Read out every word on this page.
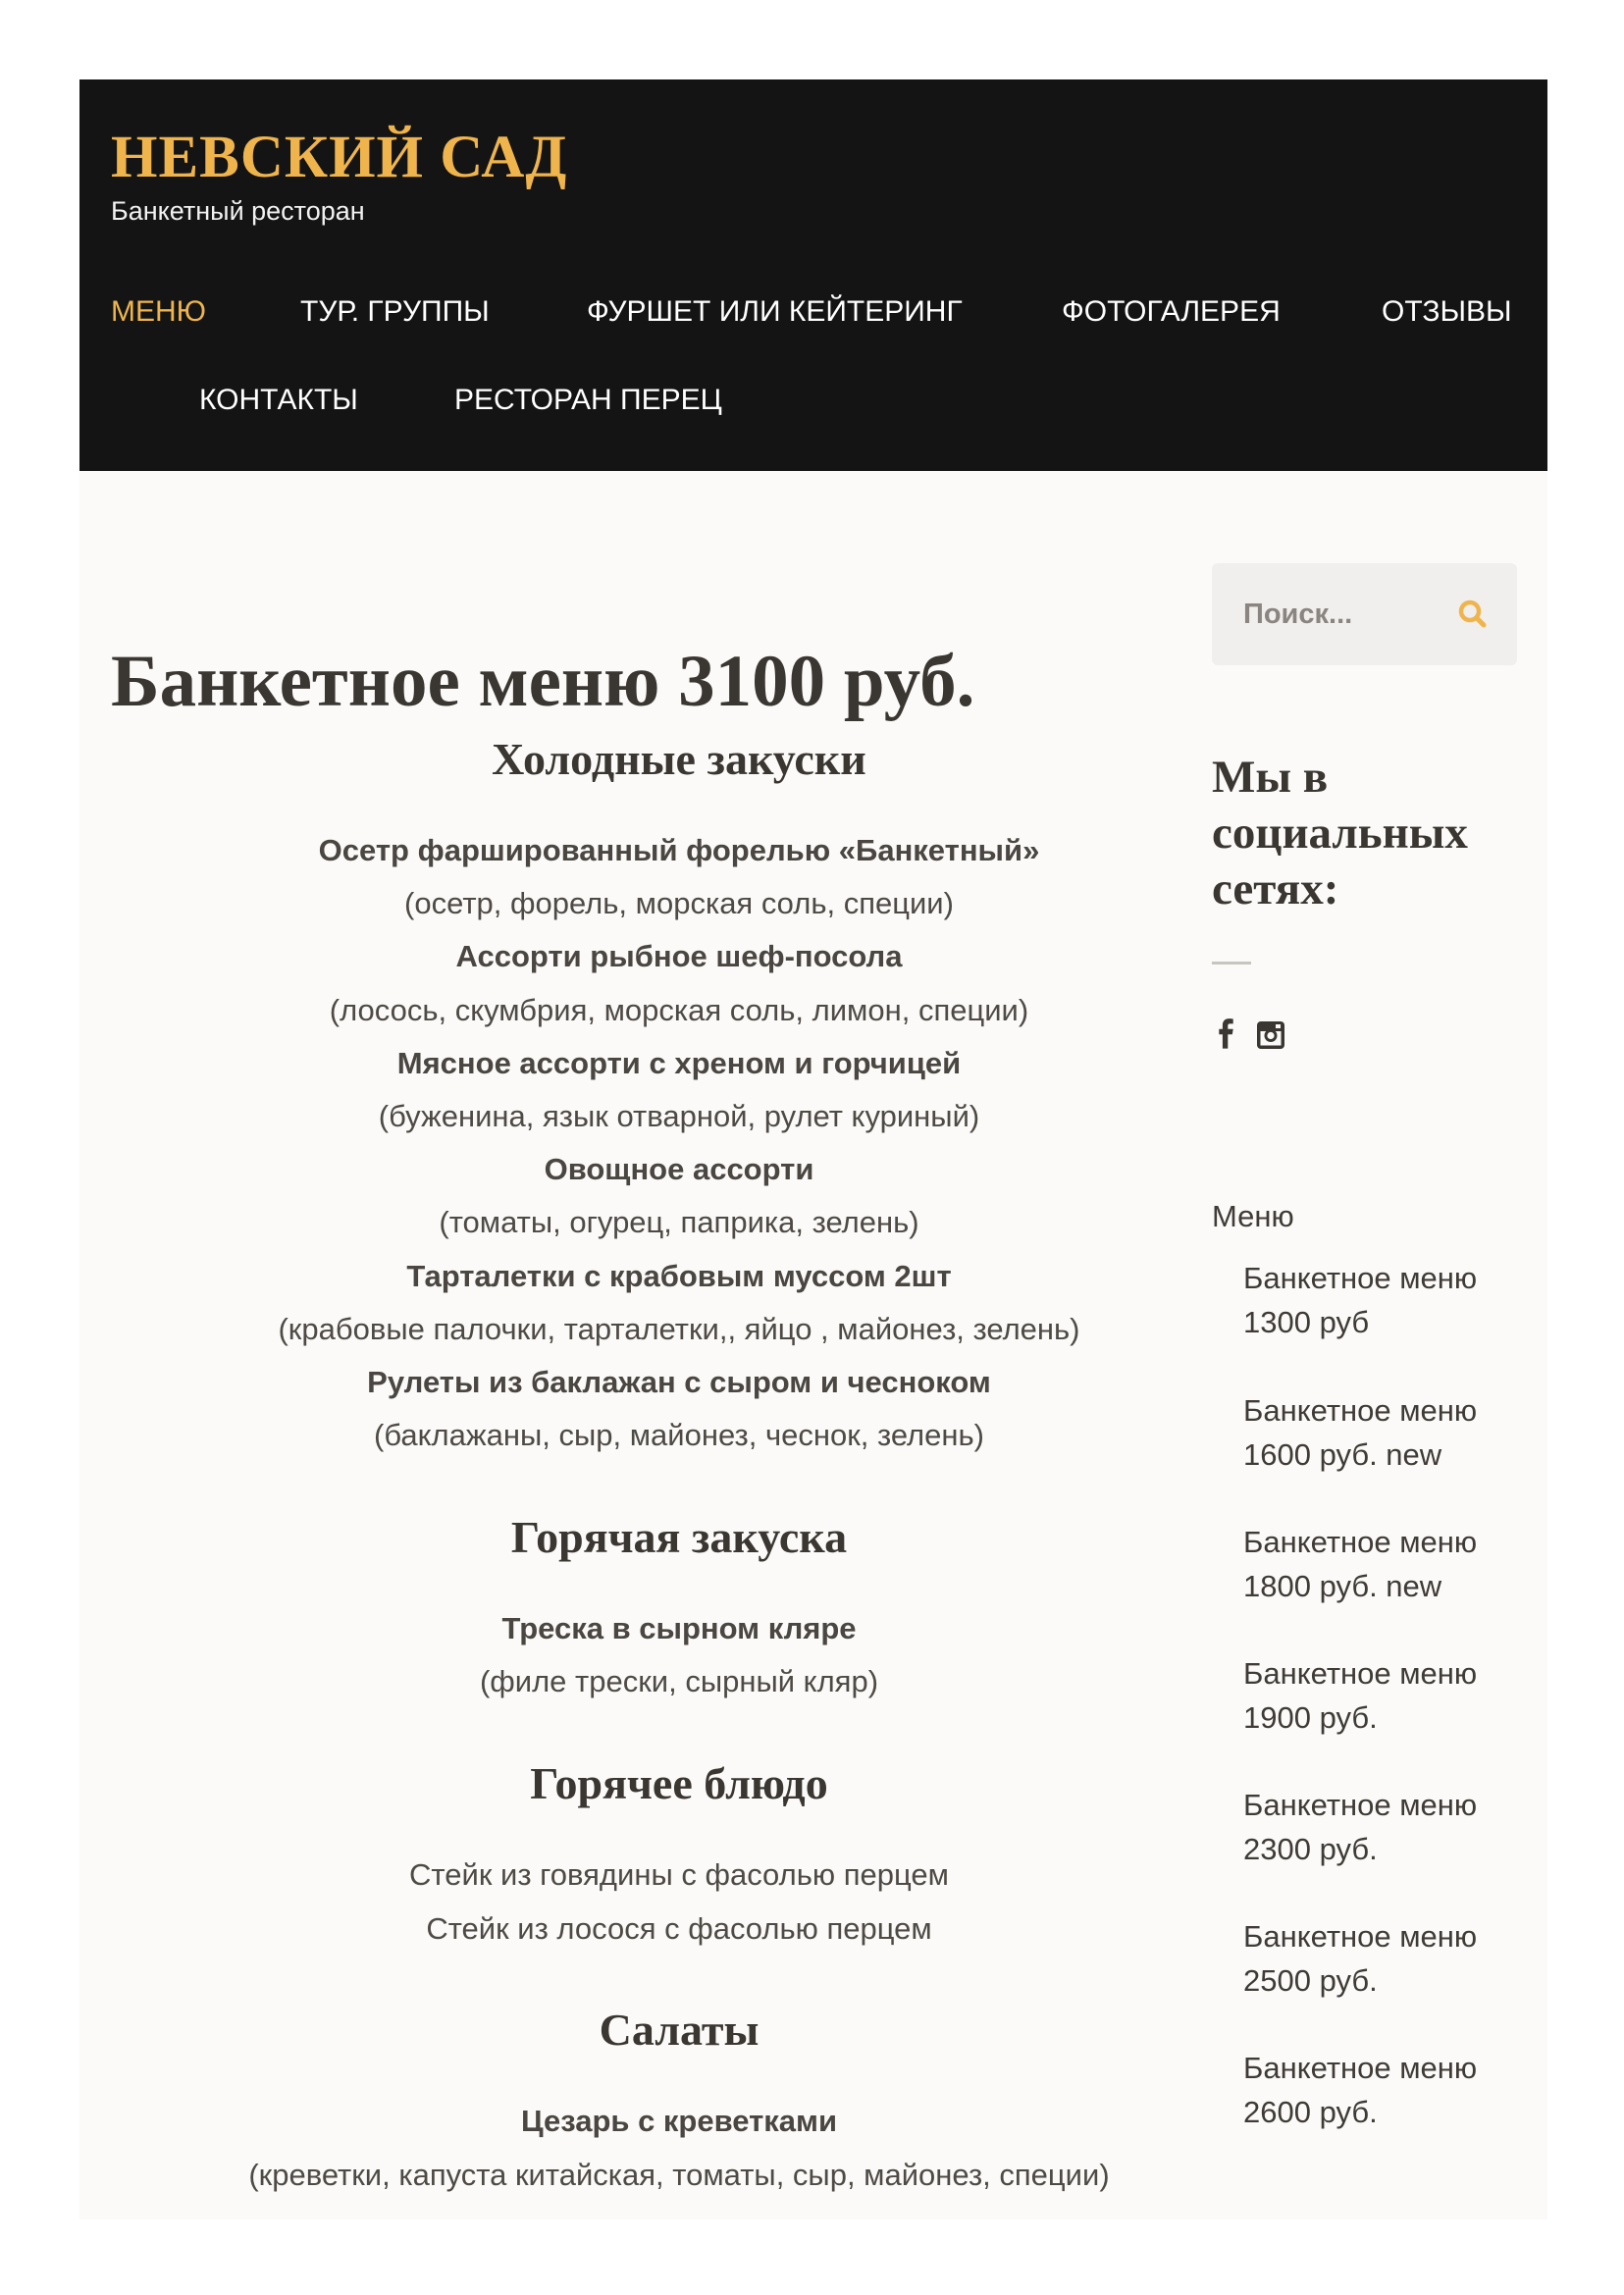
НЕВСКИЙ САД
Банкетный ресторан
МЕНЮ	ТУР. ГРУППЫ	ФУРШЕТ ИЛИ КЕЙТЕРИНГ	ФОТОГАЛЕРЕЯ	ОТЗЫВЫ
КОНТАКТЫ	РЕСТОРАН ПЕРЕЦ
Банкетное меню 3100 руб.
Холодные закуски
Осетр фаршированный форелью «Банкетный»
(осетр, форель, морская соль, специи)
Ассорти рыбное шеф-посола
(лосось, скумбрия, морская соль, лимон, специи)
Мясное ассорти с хреном и горчицей
(буженина, язык отварной, рулет куриный)
Овощное ассорти
(томаты, огурец, паприка, зелень)
Тарталетки с крабовым муссом 2шт
(крабовые палочки, тарталетки,, яйцо , майонез, зелень)
Рулеты из баклажан с сыром и чесноком
(баклажаны, сыр, майонез, чеснок, зелень)
Горячая закуска
Треска в сырном кляре
(филе трески, сырный кляр)
Горячее блюдо
Стейк из говядины с фасолью перцем
Стейк из лосося с фасолью перцем
Салаты
Цезарь с креветками
(креветки, капуста китайская, томаты, сыр, майонез, специи)
Поиск...
Мы в социальных сетях:
Меню
Банкетное меню
1300 руб
Банкетное меню
1600 руб. new
Банкетное меню
1800 руб. new
Банкетное меню
1900 руб.
Банкетное меню
2300 руб.
Банкетное меню
2500 руб.
Банкетное меню
2600 руб.
